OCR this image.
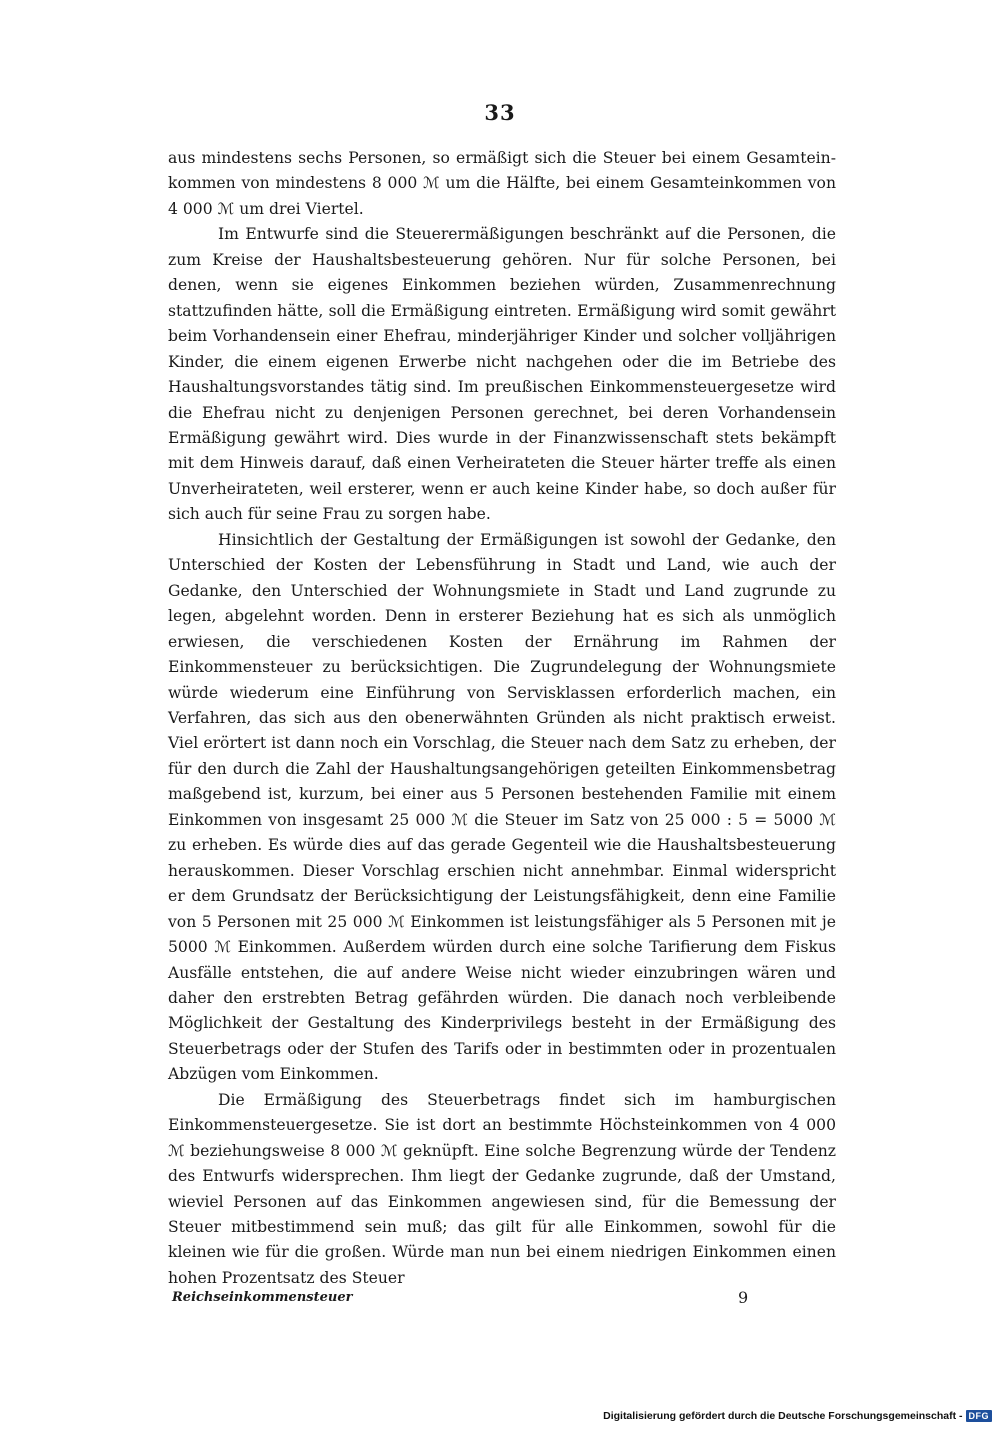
33

aus mindestens sechs Personen, so ermäßigt sich die Steuer bei einem Gesamteinkommen von mindestens 8 000 ℳ um die Hälfte, bei einem Gesamteinkommen von 4 000 ℳ um drei Viertel.

Im Entwurfe sind die Steuerermäßigungen beschränkt auf die Personen, die zum Kreise der Haushaltsbesteuerung gehören. Nur für solche Personen, bei denen, wenn sie eigenes Einkommen beziehen würden, Zusammenrechnung stattzufinden hätte, soll die Ermäßigung eintreten. Ermäßigung wird somit gewährt beim Vorhandensein einer Ehefrau, minderjähriger Kinder und solcher volljährigen Kinder, die einem eigenen Erwerbe nicht nachgehen oder die im Betriebe des Haushaltungsvorstandes tätig sind. Im preußischen Einkommensteuergesetze wird die Ehefrau nicht zu denjenigen Personen gerechnet, bei deren Vorhandensein Ermäßigung gewährt wird. Dies wurde in der Finanzwissenschaft stets bekämpft mit dem Hinweis darauf, daß einen Verheirateten die Steuer härter treffe als einen Unverheirateten, weil ersterer, wenn er auch keine Kinder habe, so doch außer für sich auch für seine Frau zu sorgen habe.

Hinsichtlich der Gestaltung der Ermäßigungen ist sowohl der Gedanke, den Unterschied der Kosten der Lebensführung in Stadt und Land, wie auch der Gedanke, den Unterschied der Wohnungsmiete in Stadt und Land zugrunde zu legen, abgelehnt worden. Denn in ersterer Beziehung hat es sich als unmöglich erwiesen, die verschiedenen Kosten der Ernährung im Rahmen der Einkommensteuer zu berücksichtigen. Die Zugrundelegung der Wohnungsmiete würde wiederum eine Einführung von Servisklassen erforderlich machen, ein Verfahren, das sich aus den obenerwähnten Gründen als nicht praktisch erweist. Viel erörtert ist dann noch ein Vorschlag, die Steuer nach dem Satz zu erheben, der für den durch die Zahl der Haushaltungsangehörigen geteilten Einkommensbetrag maßgebend ist, kurzum, bei einer aus 5 Personen bestehenden Familie mit einem Einkommen von insgesamt 25 000 ℳ die Steuer im Satz von 25 000 : 5 = 5000 ℳ zu erheben. Es würde dies auf das gerade Gegenteil wie die Haushaltsbesteuerung herauskommen. Dieser Vorschlag erschien nicht annehmbar. Einmal widerspricht er dem Grundsatz der Berücksichtigung der Leistungsfähigkeit, denn eine Familie von 5 Personen mit 25 000 ℳ Einkommen ist leistungsfähiger als 5 Personen mit je 5000 ℳ Einkommen. Außerdem würden durch eine solche Tarifierung dem Fiskus Ausfälle entstehen, die auf andere Weise nicht wieder einzubringen wären und daher den erstrebten Betrag gefährden würden. Die danach noch verbleibende Möglichkeit der Gestaltung des Kinderprivilegs besteht in der Ermäßigung des Steuerbetrags oder der Stufen des Tarifs oder in bestimmten oder in prozentualen Abzügen vom Einkommen.

Die Ermäßigung des Steuerbetrags findet sich im hamburgischen Einkommensteuergesetze. Sie ist dort an bestimmte Höchsteinkommen von 4 000 ℳ beziehungsweise 8 000 ℳ geknüpft. Eine solche Begrenzung würde der Tendenz des Entwurfs widersprechen. Ihm liegt der Gedanke zugrunde, daß der Umstand, wieviel Personen auf das Einkommen angewiesen sind, für die Bemessung der Steuer mitbestimmend sein muß; das gilt für alle Einkommen, sowohl für die kleinen wie für die großen. Würde man nun bei einem niedrigen Einkommen einen hohen Prozentsatz des Steuer

Reichseinkommensteuer	9
Digitalisierung gefördert durch die Deutsche Forschungsgemeinschaft - DFG
